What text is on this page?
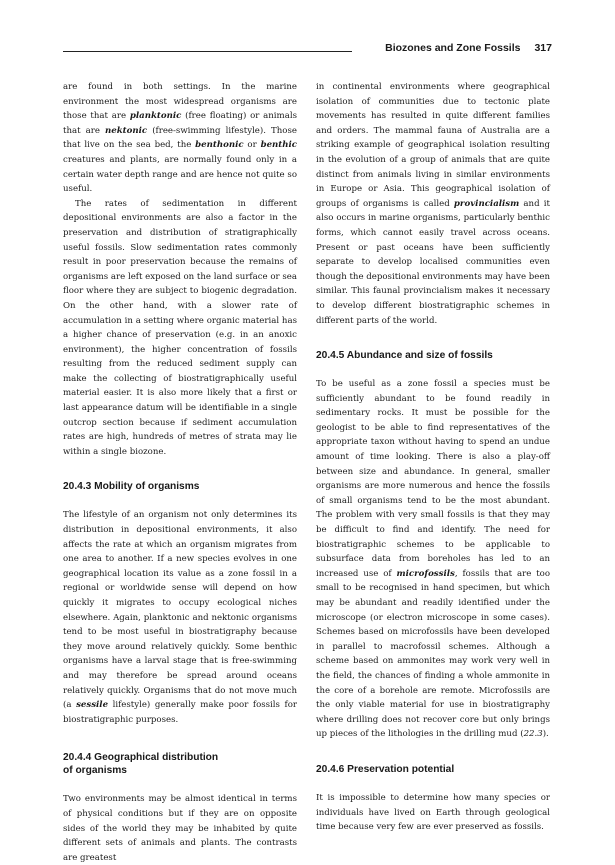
Biozones and Zone Fossils 317

are found in both settings. In the marine environment the most widespread organisms are those that are planktonic (free floating) or animals that are nektonic (free-swimming lifestyle). Those that live on the sea bed, the benthonic or benthic creatures and plants, are normally found only in a certain water depth range and are hence not quite so useful.

The rates of sedimentation in different depositional environments are also a factor in the preservation and distribution of stratigraphically useful fossils. Slow sedimentation rates commonly result in poor preservation because the remains of organisms are left exposed on the land surface or sea floor where they are subject to biogenic degradation. On the other hand, with a slower rate of accumulation in a setting where organic material has a higher chance of preservation (e.g. in an anoxic environment), the higher concentration of fossils resulting from the reduced sediment supply can make the collecting of biostratigraphically useful material easier. It is also more likely that a first or last appearance datum will be identifiable in a single outcrop section because if sediment accumulation rates are high, hundreds of metres of strata may lie within a single biozone.

20.4.3 Mobility of organisms

The lifestyle of an organism not only determines its distribution in depositional environments, it also affects the rate at which an organism migrates from one area to another. If a new species evolves in one geographical location its value as a zone fossil in a regional or worldwide sense will depend on how quickly it migrates to occupy ecological niches elsewhere. Again, planktonic and nektonic organisms tend to be most useful in biostratigraphy because they move around relatively quickly. Some benthic organisms have a larval stage that is free-swimming and may therefore be spread around oceans relatively quickly. Organisms that do not move much (a sessile lifestyle) generally make poor fossils for biostratigraphic purposes.

20.4.4 Geographical distribution
of organisms

Two environments may be almost identical in terms of physical conditions but if they are on opposite sides of the world they may be inhabited by quite different sets of animals and plants. The contrasts are greatest

in continental environments where geographical isolation of communities due to tectonic plate movements has resulted in quite different families and orders. The mammal fauna of Australia are a striking example of geographical isolation resulting in the evolution of a group of animals that are quite distinct from animals living in similar environments in Europe or Asia. This geographical isolation of groups of organisms is called provincialism and it also occurs in marine organisms, particularly benthic forms, which cannot easily travel across oceans. Present or past oceans have been sufficiently separate to develop localised communities even though the depositional environments may have been similar. This faunal provincialism makes it necessary to develop different biostratigraphic schemes in different parts of the world.

20.4.5 Abundance and size of fossils

To be useful as a zone fossil a species must be sufficiently abundant to be found readily in sedimentary rocks. It must be possible for the geologist to be able to find representatives of the appropriate taxon without having to spend an undue amount of time looking. There is also a play-off between size and abundance. In general, smaller organisms are more numerous and hence the fossils of small organisms tend to be the most abundant. The problem with very small fossils is that they may be difficult to find and identify. The need for biostratigraphic schemes to be applicable to subsurface data from boreholes has led to an increased use of microfossils, fossils that are too small to be recognised in hand specimen, but which may be abundant and readily identified under the microscope (or electron microscope in some cases). Schemes based on microfossils have been developed in parallel to macrofossil schemes. Although a scheme based on ammonites may work very well in the field, the chances of finding a whole ammonite in the core of a borehole are remote. Microfossils are the only viable material for use in biostratigraphy where drilling does not recover core but only brings up pieces of the lithologies in the drilling mud (22.3).

20.4.6 Preservation potential

It is impossible to determine how many species or individuals have lived on Earth through geological time because very few are ever preserved as fossils.
